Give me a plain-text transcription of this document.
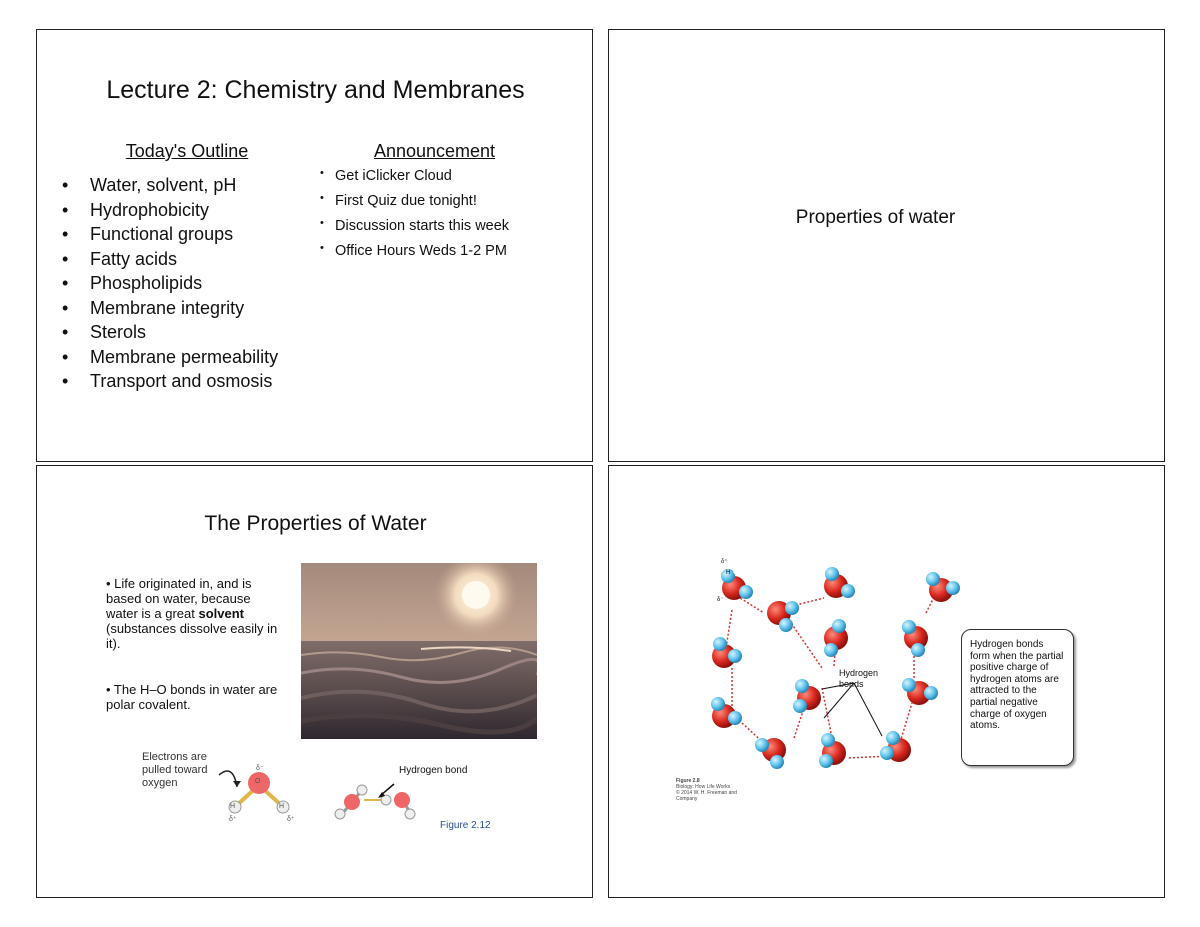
Lecture 2: Chemistry and Membranes
Today's Outline
• Water, solvent, pH
• Hydrophobicity
• Functional groups
• Fatty acids
• Phospholipids
• Membrane integrity
• Sterols
• Membrane permeability
• Transport and osmosis
Announcement
• Get iClicker Cloud
• First Quiz due tonight!
• Discussion starts this week
• Office Hours Weds 1-2 PM
Properties of water
The Properties of Water
• Life originated in, and is based on water, because water is a great solvent (substances dissolve easily in it).
• The H–O bonds in water are polar covalent.
Electrons are pulled toward oxygen
δ⁻
O
H	H
δ⁺	δ⁺
Hydrogen bond
Figure 2.12
Hydrogen bonds
Hydrogen bonds form when the partial positive charge of hydrogen atoms are attracted to the partial negative charge of oxygen atoms.
O
H
δ⁺
δ⁻
Figure 2.8
Biology: How Life Works
© 2014 W. H. Freeman and Company
